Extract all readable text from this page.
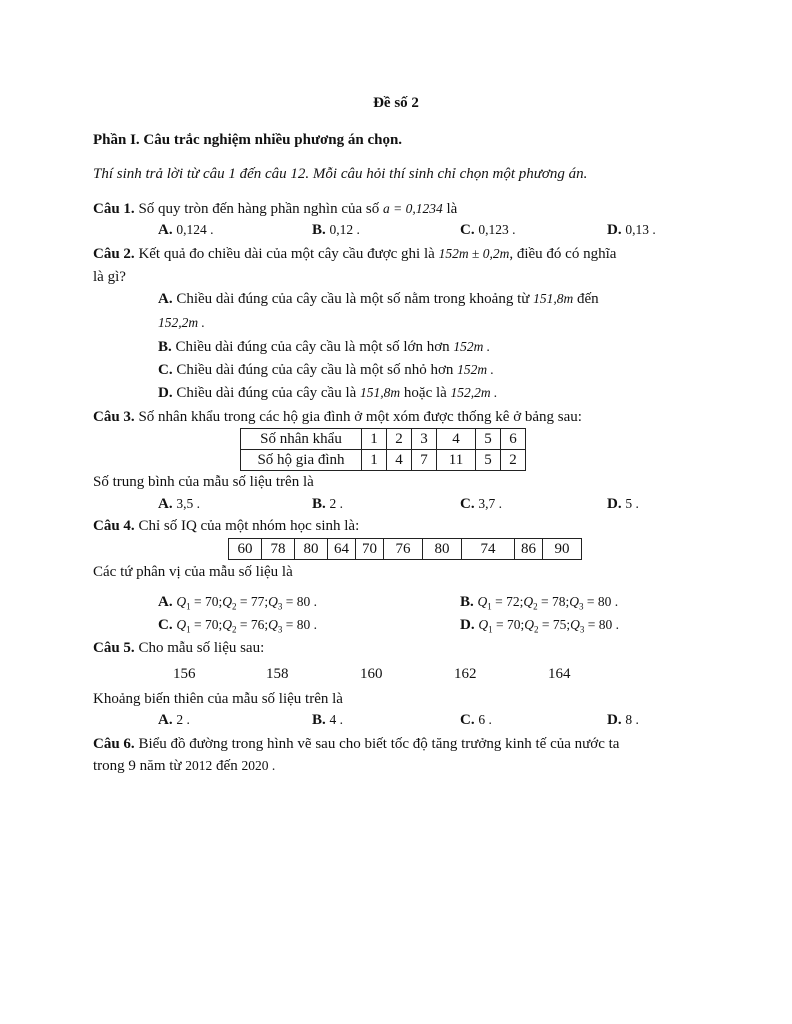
Đề số 2
Phần I. Câu trắc nghiệm nhiều phương án chọn.
Thí sinh trả lời từ câu 1 đến câu 12. Mỗi câu hỏi thí sinh chỉ chọn một phương án.
Câu 1. Số quy tròn đến hàng phần nghìn của số a = 0,1234 là
A. 0,124 .	B. 0,12 .	C. 0,123 .	D. 0,13 .
Câu 2. Kết quả đo chiều dài của một cây cầu được ghi là 152m ± 0,2m, điều đó có nghĩa
là gì?
A. Chiều dài đúng của cây cầu là một số nằm trong khoảng từ 151,8m đến
152,2m .
B. Chiều dài đúng của cây cầu là một số lớn hơn 152m .
C. Chiều dài đúng của cây cầu là một số nhỏ hơn 152m .
D. Chiều dài đúng của cây cầu là 151,8m hoặc là 152,2m .
Câu 3. Số nhân khẩu trong các hộ gia đình ở một xóm được thống kê ở bảng sau:
Số nhân khẩu	1	2	3	4	5	6
Số hộ gia đình	1	4	7	11	5	2
Số trung bình của mẫu số liệu trên là
A. 3,5 .	B. 2 .	C. 3,7 .	D. 5 .
Câu 4. Chỉ số IQ của một nhóm học sinh là:
60	78	80	64	70	76	80	74	86	90
Các tứ phân vị của mẫu số liệu là
A. $Q_1$ = $70;Q_2$ = $77;Q_3 = 80$ .	B. $Q_1$ = $72;Q_2$ = $78;Q_3 = 80$ .
C. $Q_1$ = $70;Q_2$ = $76;Q_3 = 80$ .	D. $Q_1$ = $70;Q_2$ = $75;Q_3 = 80$ .
Câu 5. Cho mẫu số liệu sau:
156	158	160	162	164
Khoảng biến thiên của mẫu số liệu trên là
A. 2 .	B. 4 .	C. 6 .	D. 8 .
Câu 6. Biểu đồ đường trong hình vẽ sau cho biết tốc độ tăng trưởng kinh tế của nước ta
trong 9 năm từ 2012 đến 2020 .
